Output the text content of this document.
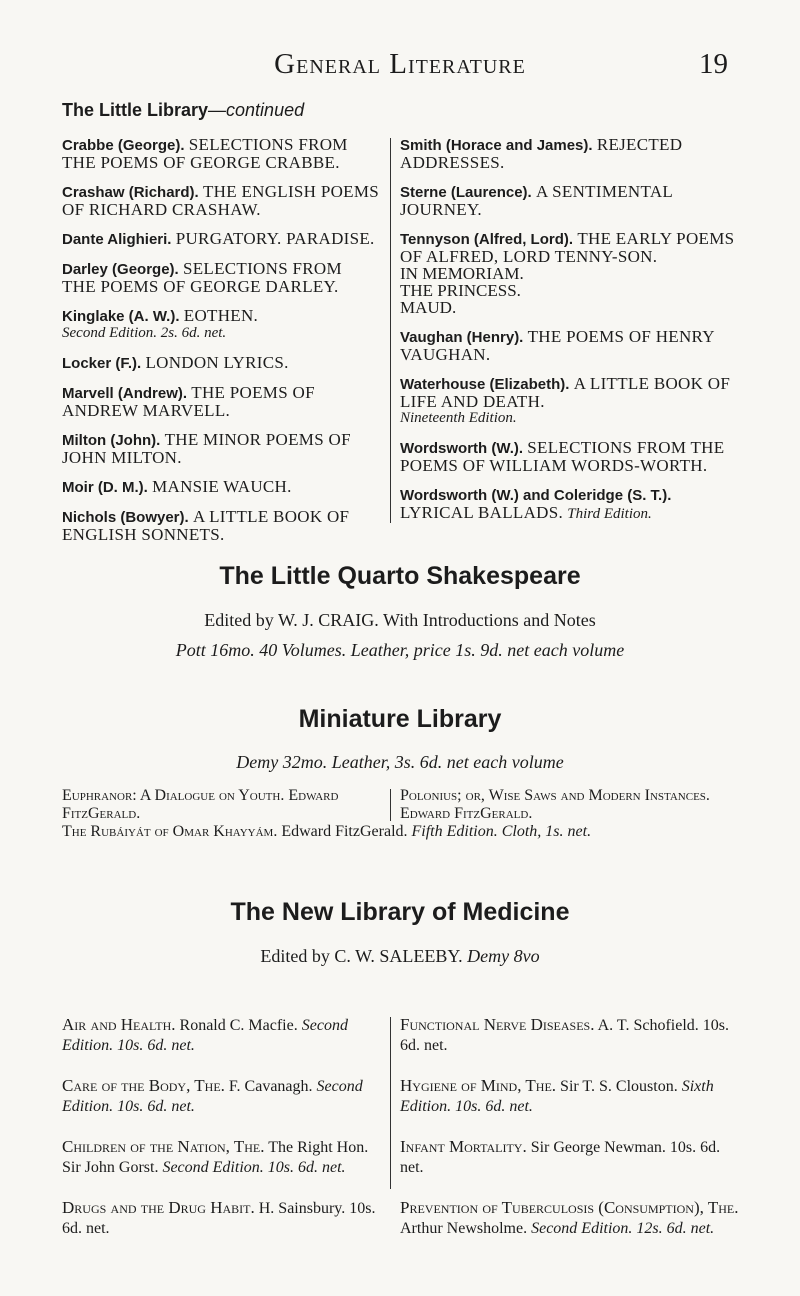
General Literature	19
The Little Library—continued
Crabbe (George). SELECTIONS FROM THE POEMS OF GEORGE CRABBE.
Crashaw (Richard). THE ENGLISH POEMS OF RICHARD CRASHAW.
Dante Alighieri. PURGATORY. PARADISE.
Darley (George). SELECTIONS FROM THE POEMS OF GEORGE DARLEY.
Kinglake (A. W.). EOTHEN.
Second Edition. 2s. 6d. net.
Locker (F.). LONDON LYRICS.
Marvell (Andrew). THE POEMS OF ANDREW MARVELL.
Milton (John). THE MINOR POEMS OF JOHN MILTON.
Moir (D. M.). MANSIE WAUCH.
Nichols (Bowyer). A LITTLE BOOK OF ENGLISH SONNETS.
Smith (Horace and James). REJECTED ADDRESSES.
Sterne (Laurence). A SENTIMENTAL JOURNEY.
Tennyson (Alfred, Lord). THE EARLY POEMS OF ALFRED, LORD TENNY-SON.
IN MEMORIAM.
THE PRINCESS.
MAUD.
Vaughan (Henry). THE POEMS OF HENRY VAUGHAN.
Waterhouse (Elizabeth). A LITTLE BOOK OF LIFE AND DEATH.
Nineteenth Edition.
Wordsworth (W.). SELECTIONS FROM THE POEMS OF WILLIAM WORDS-WORTH.
Wordsworth (W.) and Coleridge (S. T.). LYRICAL BALLADS. Third Edition.
The Little Quarto Shakespeare
Edited by W. J. CRAIG. With Introductions and Notes
Pott 16mo. 40 Volumes. Leather, price 1s. 9d. net each volume
Miniature Library
Demy 32mo. Leather, 3s. 6d. net each volume
Euphranor: A Dialogue on Youth. Edward FitzGerald.
Polonius; or, Wise Saws and Modern Instances. Edward FitzGerald.
The Rubáiyát of Omar Khayyám. Edward FitzGerald. Fifth Edition. Cloth, 1s. net.
The New Library of Medicine
Edited by C. W. SALEEBY. Demy 8vo
Air and Health. Ronald C. Macfie. Second Edition. 10s. 6d. net.
Care of the Body, The. F. Cavanagh. Second Edition. 10s. 6d. net.
Children of the Nation, The. The Right Hon. Sir John Gorst. Second Edition. 10s. 6d. net.
Drugs and the Drug Habit. H. Sainsbury. 10s. 6d. net.
Functional Nerve Diseases. A. T. Schofield. 10s. 6d. net.
Hygiene of Mind, The. Sir T. S. Clouston. Sixth Edition. 10s. 6d. net.
Infant Mortality. Sir George Newman. 10s. 6d. net.
Prevention of Tuberculosis (Consumption), The. Arthur Newsholme. Second Edition. 12s. 6d. net.
